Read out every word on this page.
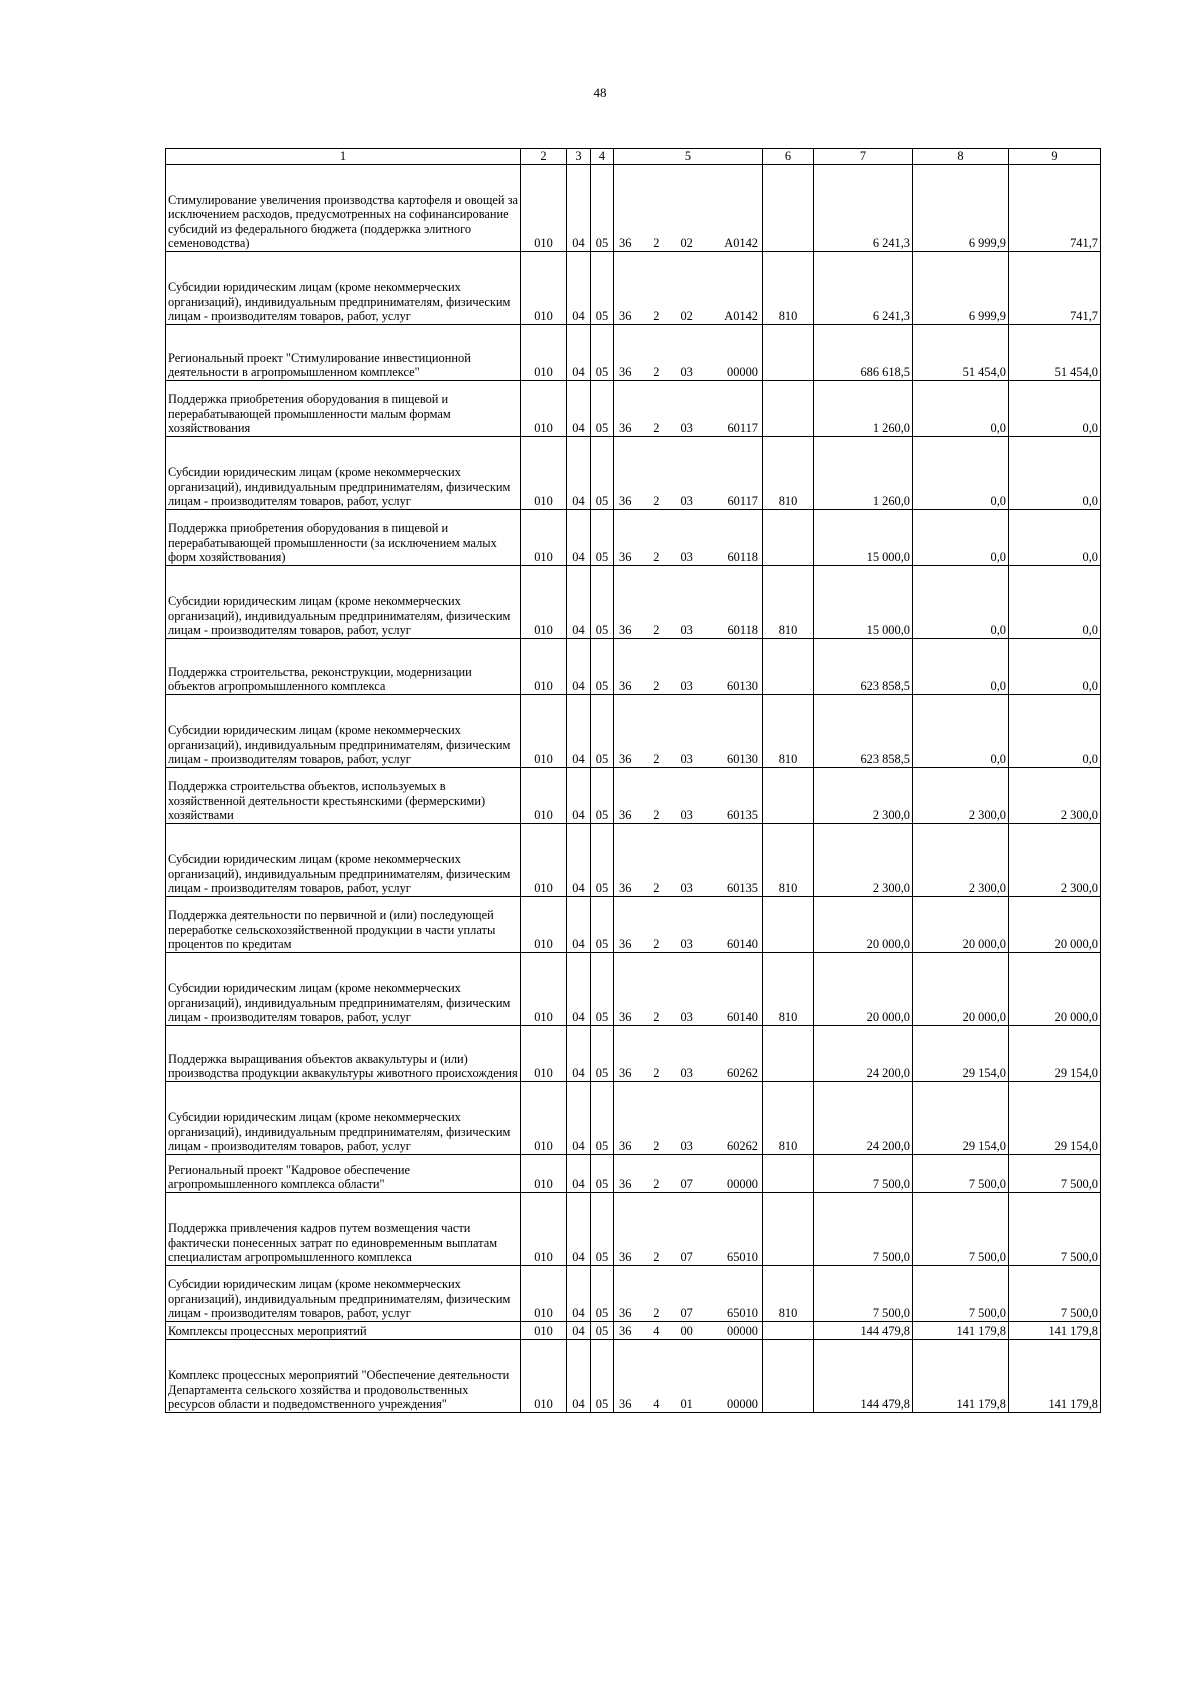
48
1	2	3	4	5	6	7	8	9
Стимулирование увеличения производства картофеля и овощей за исключением расходов, предусмотренных на софинансирование субсидий из федерального бюджета (поддержка элитного семеноводства)	010	04	05	36 2 02 A0142		6 241,3	6 999,9	741,7
Субсидии юридическим лицам (кроме некоммерческих организаций), индивидуальным предпринимателям, физическим лицам - производителям товаров, работ, услуг	010	04	05	36 2 02 A0142	810	6 241,3	6 999,9	741,7
Региональный проект "Стимулирование инвестиционной деятельности в агропромышленном комплексе"	010	04	05	36 2 03 00000		686 618,5	51 454,0	51 454,0
Поддержка приобретения оборудования в пищевой и перерабатывающей промышленности малым формам хозяйствования	010	04	05	36 2 03 60117		1 260,0	0,0	0,0
Субсидии юридическим лицам (кроме некоммерческих организаций), индивидуальным предпринимателям, физическим лицам - производителям товаров, работ, услуг	010	04	05	36 2 03 60117	810	1 260,0	0,0	0,0
Поддержка приобретения оборудования в пищевой и перерабатывающей промышленности (за исключением малых форм хозяйствования)	010	04	05	36 2 03 60118		15 000,0	0,0	0,0
Субсидии юридическим лицам (кроме некоммерческих организаций), индивидуальным предпринимателям, физическим лицам - производителям товаров, работ, услуг	010	04	05	36 2 03 60118	810	15 000,0	0,0	0,0
Поддержка строительства, реконструкции, модернизации объектов агропромышленного комплекса	010	04	05	36 2 03 60130		623 858,5	0,0	0,0
Субсидии юридическим лицам (кроме некоммерческих организаций), индивидуальным предпринимателям, физическим лицам - производителям товаров, работ, услуг	010	04	05	36 2 03 60130	810	623 858,5	0,0	0,0
Поддержка строительства объектов, используемых в хозяйственной деятельности крестьянскими (фермерскими) хозяйствами	010	04	05	36 2 03 60135		2 300,0	2 300,0	2 300,0
Субсидии юридическим лицам (кроме некоммерческих организаций), индивидуальным предпринимателям, физическим лицам - производителям товаров, работ, услуг	010	04	05	36 2 03 60135	810	2 300,0	2 300,0	2 300,0
Поддержка деятельности по первичной и (или) последующей переработке сельскохозяйственной продукции в части уплаты процентов по кредитам	010	04	05	36 2 03 60140		20 000,0	20 000,0	20 000,0
Субсидии юридическим лицам (кроме некоммерческих организаций), индивидуальным предпринимателям, физическим лицам - производителям товаров, работ, услуг	010	04	05	36 2 03 60140	810	20 000,0	20 000,0	20 000,0
Поддержка выращивания объектов аквакультуры и (или) производства продукции аквакультуры животного происхождения	010	04	05	36 2 03 60262		24 200,0	29 154,0	29 154,0
Субсидии юридическим лицам (кроме некоммерческих организаций), индивидуальным предпринимателям, физическим лицам - производителям товаров, работ, услуг	010	04	05	36 2 03 60262	810	24 200,0	29 154,0	29 154,0
Региональный проект "Кадровое обеспечение агропромышленного комплекса области"	010	04	05	36 2 07 00000		7 500,0	7 500,0	7 500,0
Поддержка привлечения кадров путем возмещения части фактически понесенных затрат по единовременным выплатам специалистам агропромышленного комплекса	010	04	05	36 2 07 65010		7 500,0	7 500,0	7 500,0
Субсидии юридическим лицам (кроме некоммерческих организаций), индивидуальным предпринимателям, физическим лицам - производителям товаров, работ, услуг	010	04	05	36 2 07 65010	810	7 500,0	7 500,0	7 500,0
Комплексы процессных мероприятий	010	04	05	36 4 00 00000		144 479,8	141 179,8	141 179,8
Комплекс процессных мероприятий "Обеспечение деятельности Департамента сельского хозяйства и продовольственных ресурсов области и подведомственного учреждения"	010	04	05	36 4 01 00000		144 479,8	141 179,8	141 179,8
